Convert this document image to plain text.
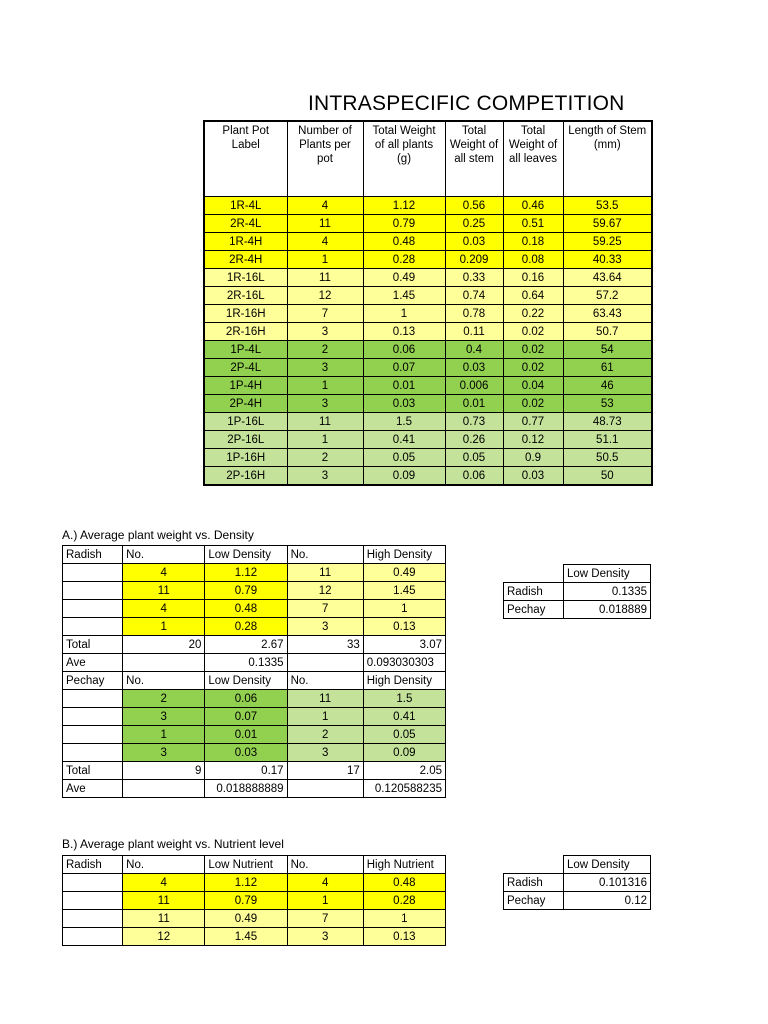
INTRASPECIFIC COMPETITION
Plant Pot Label	Number of Plants per pot	Total Weight of all plants (g)	Total Weight of all stem	Total Weight of all leaves	Length of Stem (mm)
1R-4L	4	1.12	0.56	0.46	53.5
2R-4L	11	0.79	0.25	0.51	59.67
1R-4H	4	0.48	0.03	0.18	59.25
2R-4H	1	0.28	0.209	0.08	40.33
1R-16L	11	0.49	0.33	0.16	43.64
2R-16L	12	1.45	0.74	0.64	57.2
1R-16H	7	1	0.78	0.22	63.43
2R-16H	3	0.13	0.11	0.02	50.7
1P-4L	2	0.06	0.4	0.02	54
2P-4L	3	0.07	0.03	0.02	61
1P-4H	1	0.01	0.006	0.04	46
2P-4H	3	0.03	0.01	0.02	53
1P-16L	11	1.5	0.73	0.77	48.73
2P-16L	1	0.41	0.26	0.12	51.1
1P-16H	2	0.05	0.05	0.9	50.5
2P-16H	3	0.09	0.06	0.03	50
A.) Average plant weight vs. Density
Radish	No.	Low Density	No.	High Density
	4	1.12	11	0.49
	11	0.79	12	1.45
	4	0.48	7	1
	1	0.28	3	0.13
Total	20	2.67	33	3.07
Ave		0.1335		0.093030303
Pechay	No.	Low Density	No.	High Density
	2	0.06	11	1.5
	3	0.07	1	0.41
	1	0.01	2	0.05
	3	0.03	3	0.09
Total	9	0.17	17	2.05
Ave		0.018888889		0.120588235
	Low Density
Radish	0.1335
Pechay	0.018889
B.) Average plant weight vs. Nutrient level
Radish	No.	Low Nutrient	No.	High Nutrient
	4	1.12	4	0.48
	11	0.79	1	0.28
	11	0.49	7	1
	12	1.45	3	0.13
	Low Density
Radish	0.101316
Pechay	0.12
